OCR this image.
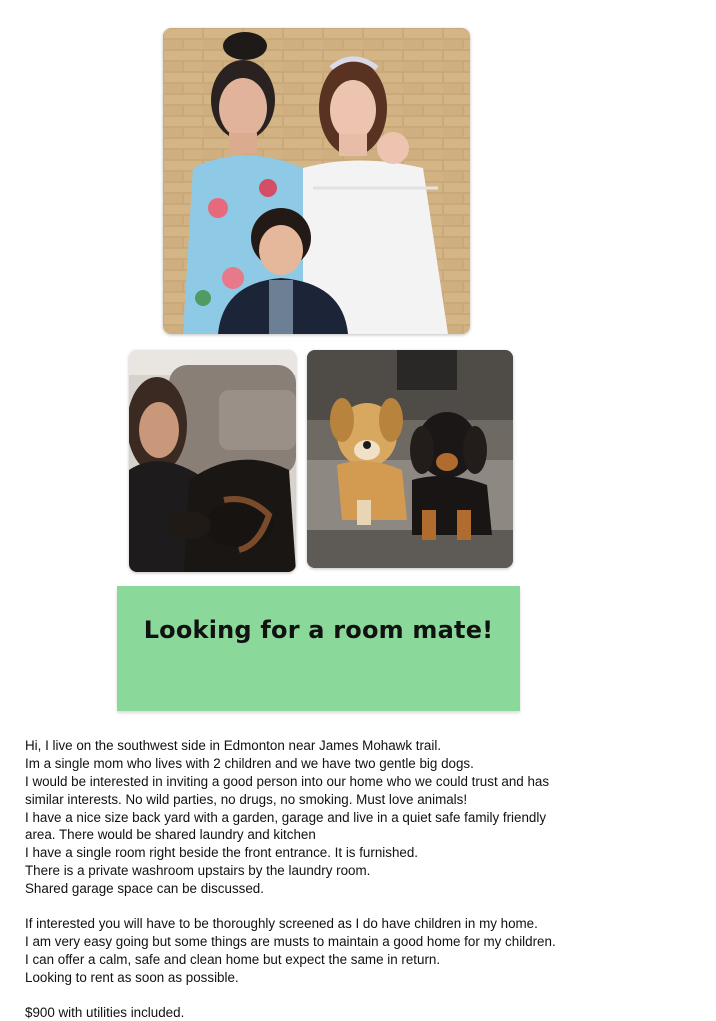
Looking for a room mate!
Hi, I live on the southwest side in Edmonton near James Mohawk trail.
Im a single mom who lives with 2 children and we have two gentle big dogs.
I would be interested in inviting a good person into our home who we could trust and has
similar interests. No wild parties, no drugs, no smoking. Must love animals!
I have a nice size back yard with a garden, garage and live in a quiet safe family friendly
area. There would be shared laundry and kitchen
I have a single room right beside the front entrance. It is furnished.
There is a private washroom upstairs by the laundry room.
Shared garage space can be discussed.
If interested you will have to be thoroughly screened as I do have children in my home.
I am very easy going but some things are musts to maintain a good home for my children.
I can offer a calm, safe and clean home but expect the same in return.
Looking to rent as soon as possible.
$900 with utilities included.
